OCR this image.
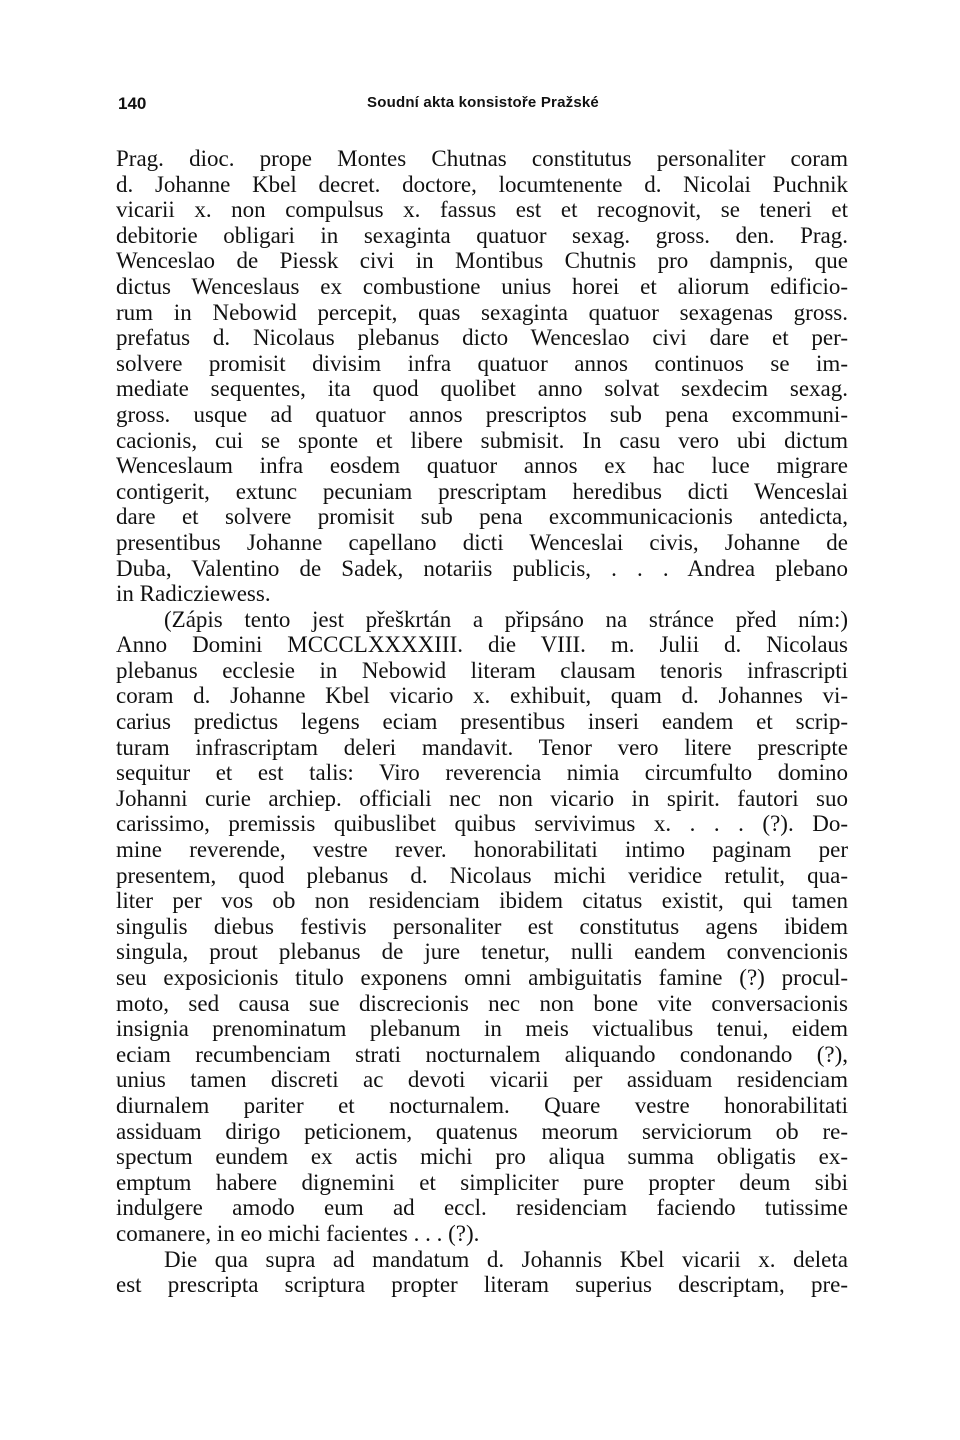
140	Soudní akta konsistoře Pražské
Prag. dioc. prope Montes Chutnas constitutus personaliter coram
d. Johanne Kbel decret. doctore, locumtenente d. Nicolai Puchnik
vicarii x. non compulsus x. fassus est et recognovit, se teneri et
debitorie obligari in sexaginta quatuor sexag. gross. den. Prag.
Wenceslao de Piessk civi in Montibus Chutnis pro dampnis, que
dictus Wenceslaus ex combustione unius horei et aliorum edificio-
rum in Nebowid percepit, quas sexaginta quatuor sexagenas gross.
prefatus d. Nicolaus plebanus dicto Wenceslao civi dare et per-
solvere promisit divisim infra quatuor annos continuos se im-
mediate sequentes, ita quod quolibet anno solvat sexdecim sexag.
gross. usque ad quatuor annos prescriptos sub pena excommuni-
cacionis, cui se sponte et libere submisit. In casu vero ubi dictum
Wenceslaum infra eosdem quatuor annos ex hac luce migrare
contigerit, extunc pecuniam prescriptam heredibus dicti Wenceslai
dare et solvere promisit sub pena excommunicacionis antedicta,
presentibus Johanne capellano dicti Wenceslai civis, Johanne de
Duba, Valentino de Sadek, notariis publicis, . . . Andrea plebano
in Radicziewess.
(Zápis tento jest přeškrtán a připsáno na stránce před ním:)
Anno Domini MCCCLXXXXIII. die VIII. m. Julii d. Nicolaus
plebanus ecclesie in Nebowid literam clausam tenoris infrascripti
coram d. Johanne Kbel vicario x. exhibuit, quam d. Johannes vi-
carius predictus legens eciam presentibus inseri eandem et scrip-
turam infrascriptam deleri mandavit. Tenor vero litere prescripte
sequitur et est talis: Viro reverencia nimia circumfulto domino
Johanni curie archiep. officiali nec non vicario in spirit. fautori suo
carissimo, premissis quibuslibet quibus servivimus x. . . . (?). Do-
mine reverende, vestre rever. honorabilitati intimo paginam per
presentem, quod plebanus d. Nicolaus michi veridice retulit, qua-
liter per vos ob non residenciam ibidem citatus existit, qui tamen
singulis diebus festivis personaliter est constitutus agens ibidem
singula, prout plebanus de jure tenetur, nulli eandem convencionis
seu exposicionis titulo exponens omni ambiguitatis famine (?) procul-
moto, sed causa sue discrecionis nec non bone vite conversacionis
insignia prenominatum plebanum in meis victualibus tenui, eidem
eciam recumbenciam strati nocturnalem aliquando condonando (?),
unius tamen discreti ac devoti vicarii per assiduam residenciam
diurnalem pariter et nocturnalem. Quare vestre honorabilitati
assiduam dirigo peticionem, quatenus meorum serviciorum ob re-
spectum eundem ex actis michi pro aliqua summa obligatis ex-
emptum habere dignemini et simpliciter pure propter deum sibi
indulgere amodo eum ad eccl. residenciam faciendo tutissime
comanere, in eo michi facientes . . . (?).
Die qua supra ad mandatum d. Johannis Kbel vicarii x. deleta
est prescripta scriptura propter literam superius descriptam, pre-
